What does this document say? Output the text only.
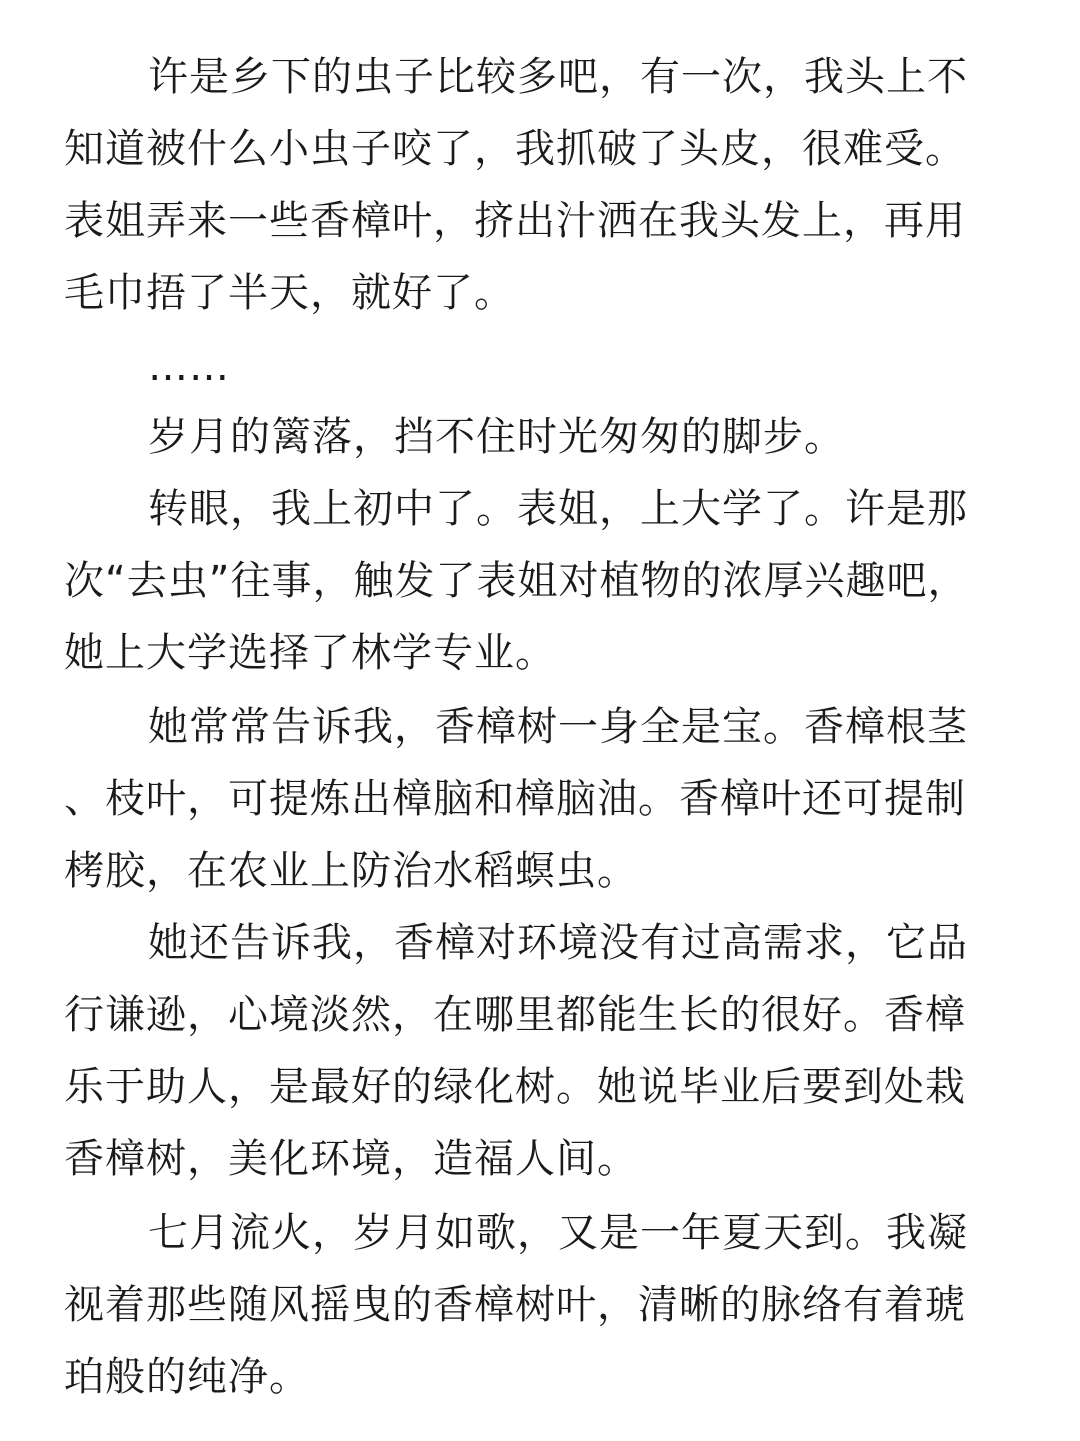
许是乡下的虫子比较多吧，有一次，我头上不
知道被什么小虫子咬了，我抓破了头皮，很难受。
表姐弄来一些香樟叶，挤出汁洒在我头发上，再用
毛巾捂了半天，就好了。
……
岁月的篱落，挡不住时光匆匆的脚步。
转眼，我上初中了。表姐，上大学了。许是那
次“去虫”往事，触发了表姐对植物的浓厚兴趣吧，
她上大学选择了林学专业。
她常常告诉我，香樟树一身全是宝。香樟根茎
、枝叶，可提炼出樟脑和樟脑油。香樟叶还可提制
栲胶，在农业上防治水稻螟虫。
她还告诉我，香樟对环境没有过高需求，它品
行谦逊，心境淡然，在哪里都能生长的很好。香樟
乐于助人，是最好的绿化树。她说毕业后要到处栽
香樟树，美化环境，造福人间。
七月流火，岁月如歌，又是一年夏天到。我凝
视着那些随风摇曳的香樟树叶，清晰的脉络有着琥
珀般的纯净。
